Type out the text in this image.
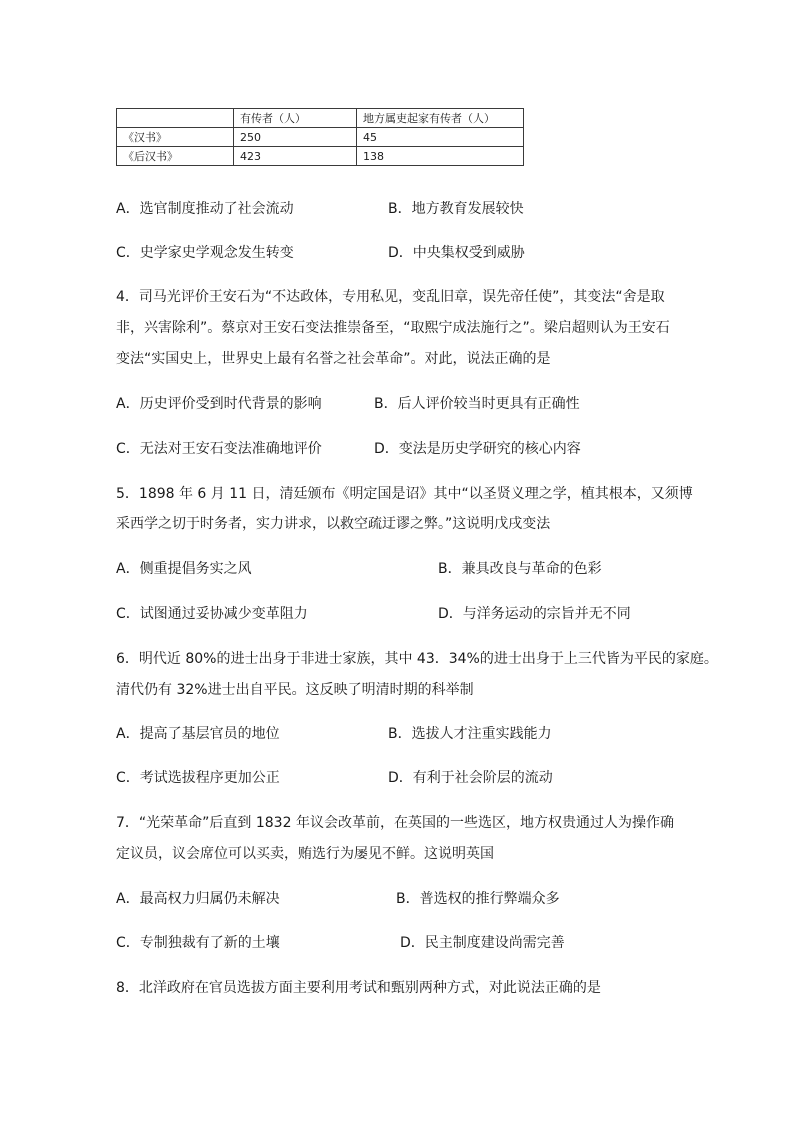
	有传者（人）	地方属吏起家有传者（人）
《汉书》	250	45
《后汉书》	423	138
A．选官制度推动了社会流动	B．地方教育发展较快
C．史学家史学观念发生转变	D．中央集权受到威胁
4．司马光评价王安石为“不达政体，专用私见，变乱旧章，误先帝任使”，其变法“舍是取
非，兴害除利”。蔡京对王安石变法推崇备至，“取熙宁成法施行之”。梁启超则认为王安石
变法“实国史上，世界史上最有名誉之社会革命”。对此，说法正确的是
A．历史评价受到时代背景的影响	B．后人评价较当时更具有正确性
C．无法对王安石变法准确地评价	D．变法是历史学研究的核心内容
5．1898 年 6 月 11 日，清廷颁布《明定国是诏》其中“以圣贤义理之学，植其根本，又须博
采西学之切于时务者，实力讲求，以救空疏迂谬之弊。”这说明戊戌变法
A．侧重提倡务实之风	B．兼具改良与革命的色彩
C．试图通过妥协减少变革阻力	D．与洋务运动的宗旨并无不同
6．明代近 80%的进士出身于非进士家族，其中 43．34%的进士出身于上三代皆为平民的家庭。
清代仍有 32%进士出自平民。这反映了明清时期的科举制
A．提高了基层官员的地位	B．选拔人才注重实践能力
C．考试选拔程序更加公正	D．有利于社会阶层的流动
7．“光荣革命”后直到 1832 年议会改革前，在英国的一些选区，地方权贵通过人为操作确
定议员，议会席位可以买卖，贿选行为屡见不鲜。这说明英国
A．最高权力归属仍未解决	B．普选权的推行弊端众多
C．专制独裁有了新的土壤	D．民主制度建设尚需完善
8．北洋政府在官员选拔方面主要利用考试和甄别两种方式，对此说法正确的是
